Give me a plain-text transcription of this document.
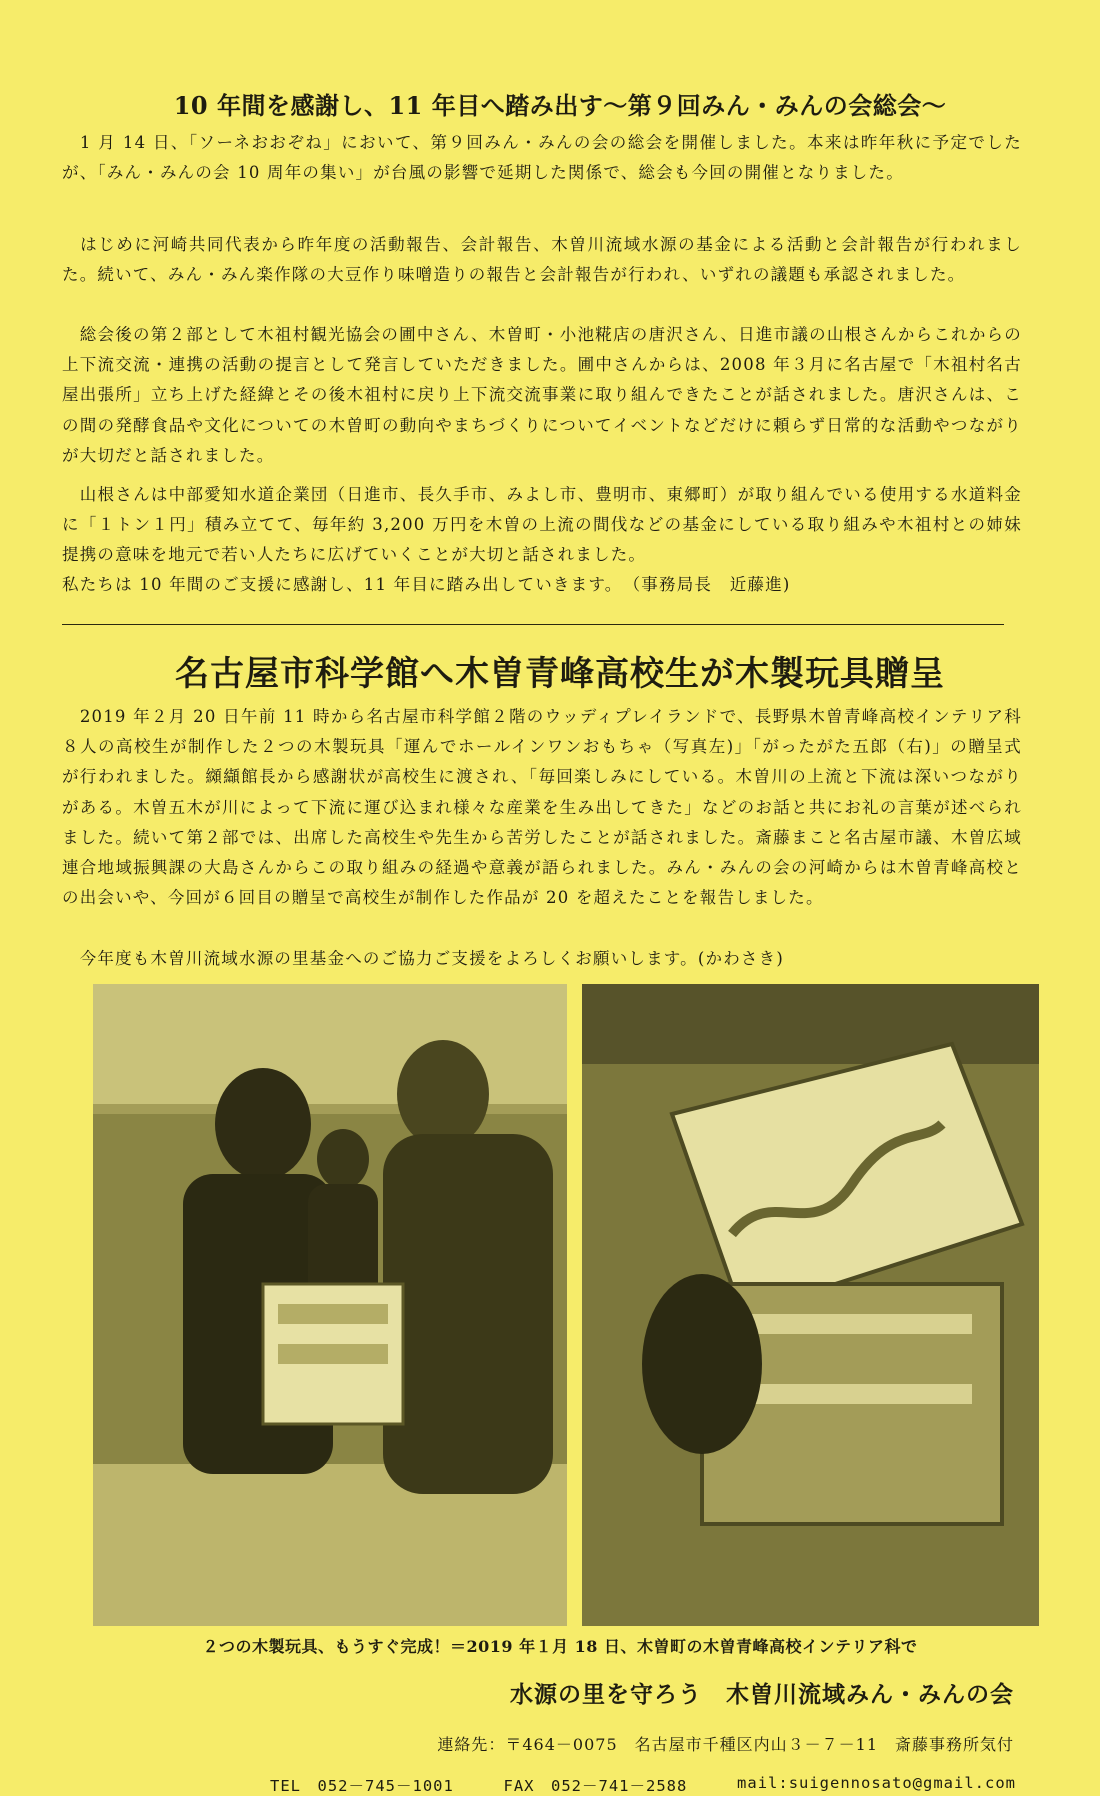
10 年間を感謝し、11 年目へ踏み出す～第９回みん・みんの会総会～

　1 月 14 日、「ソーネおおぞね」において、第９回みん・みんの会の総会を開催しました。本来は昨年秋に予定でしたが、「みん・みんの会 10 周年の集い」が台風の影響で延期した関係で、総会も今回の開催となりました。

　はじめに河崎共同代表から昨年度の活動報告、会計報告、木曽川流域水源の基金による活動と会計報告が行われました。続いて、みん・みん楽作隊の大豆作り味噌造りの報告と会計報告が行われ、いずれの議題も承認されました。

　総会後の第２部として木祖村観光協会の圃中さん、木曽町・小池糀店の唐沢さん、日進市議の山根さんからこれからの上下流交流・連携の活動の提言として発言していただきました。圃中さんからは、2008 年３月に名古屋で「木祖村名古屋出張所」立ち上げた経緯とその後木祖村に戻り上下流交流事業に取り組んできたことが話されました。唐沢さんは、この間の発酵食品や文化についての木曽町の動向やまちづくりについてイベントなどだけに頼らず日常的な活動やつながりが大切だと話されました。

　山根さんは中部愛知水道企業団（日進市、長久手市、みよし市、豊明市、東郷町）が取り組んでいる使用する水道料金に「１トン１円」積み立てて、毎年約 3,200 万円を木曽の上流の間伐などの基金にしている取り組みや木祖村との姉妹提携の意味を地元で若い人たちに広げていくことが大切と話されました。

私たちは 10 年間のご支援に感謝し、11 年目に踏み出していきます。　 （事務局長　近藤進)

名古屋市科学館へ木曽青峰高校生が木製玩具贈呈

　2019 年２月 20 日午前 11 時から名古屋市科学館２階のウッディプレイランドで、長野県木曽青峰高校インテリア科８人の高校生が制作した２つの木製玩具「運んでホールインワンおもちゃ（写真左)」「がったがた五郎（右)」の贈呈式が行われました。纐纈館長から感謝状が高校生に渡され、「毎回楽しみにしている。木曽川の上流と下流は深いつながりがある。木曽五木が川によって下流に運び込まれ様々な産業を生み出してきた」などのお話と共にお礼の言葉が述べられました。続いて第２部では、出席した高校生や先生から苦労したことが話されました。斎藤まこと名古屋市議、木曽広域連合地域振興課の大島さんからこの取り組みの経過や意義が語られました。みん・みんの会の河崎からは木曽青峰高校との出会いや、今回が６回目の贈呈で高校生が制作した作品が 20 を超えたことを報告しました。

　今年度も木曽川流域水源の里基金へのご協力ご支援をよろしくお願いします。(かわさき)

２つの木製玩具、もうすぐ完成！＝2019 年１月 18 日、木曽町の木曽青峰高校インテリア科で
水源の里を守ろう　木曽川流域みん・みんの会
連絡先：〒464－0075　名古屋市千種区内山３－７－11　斎藤事務所気付
TEL　052－745－1001	FAX　052－741－2588	mail:suigennosato@gmail.com
